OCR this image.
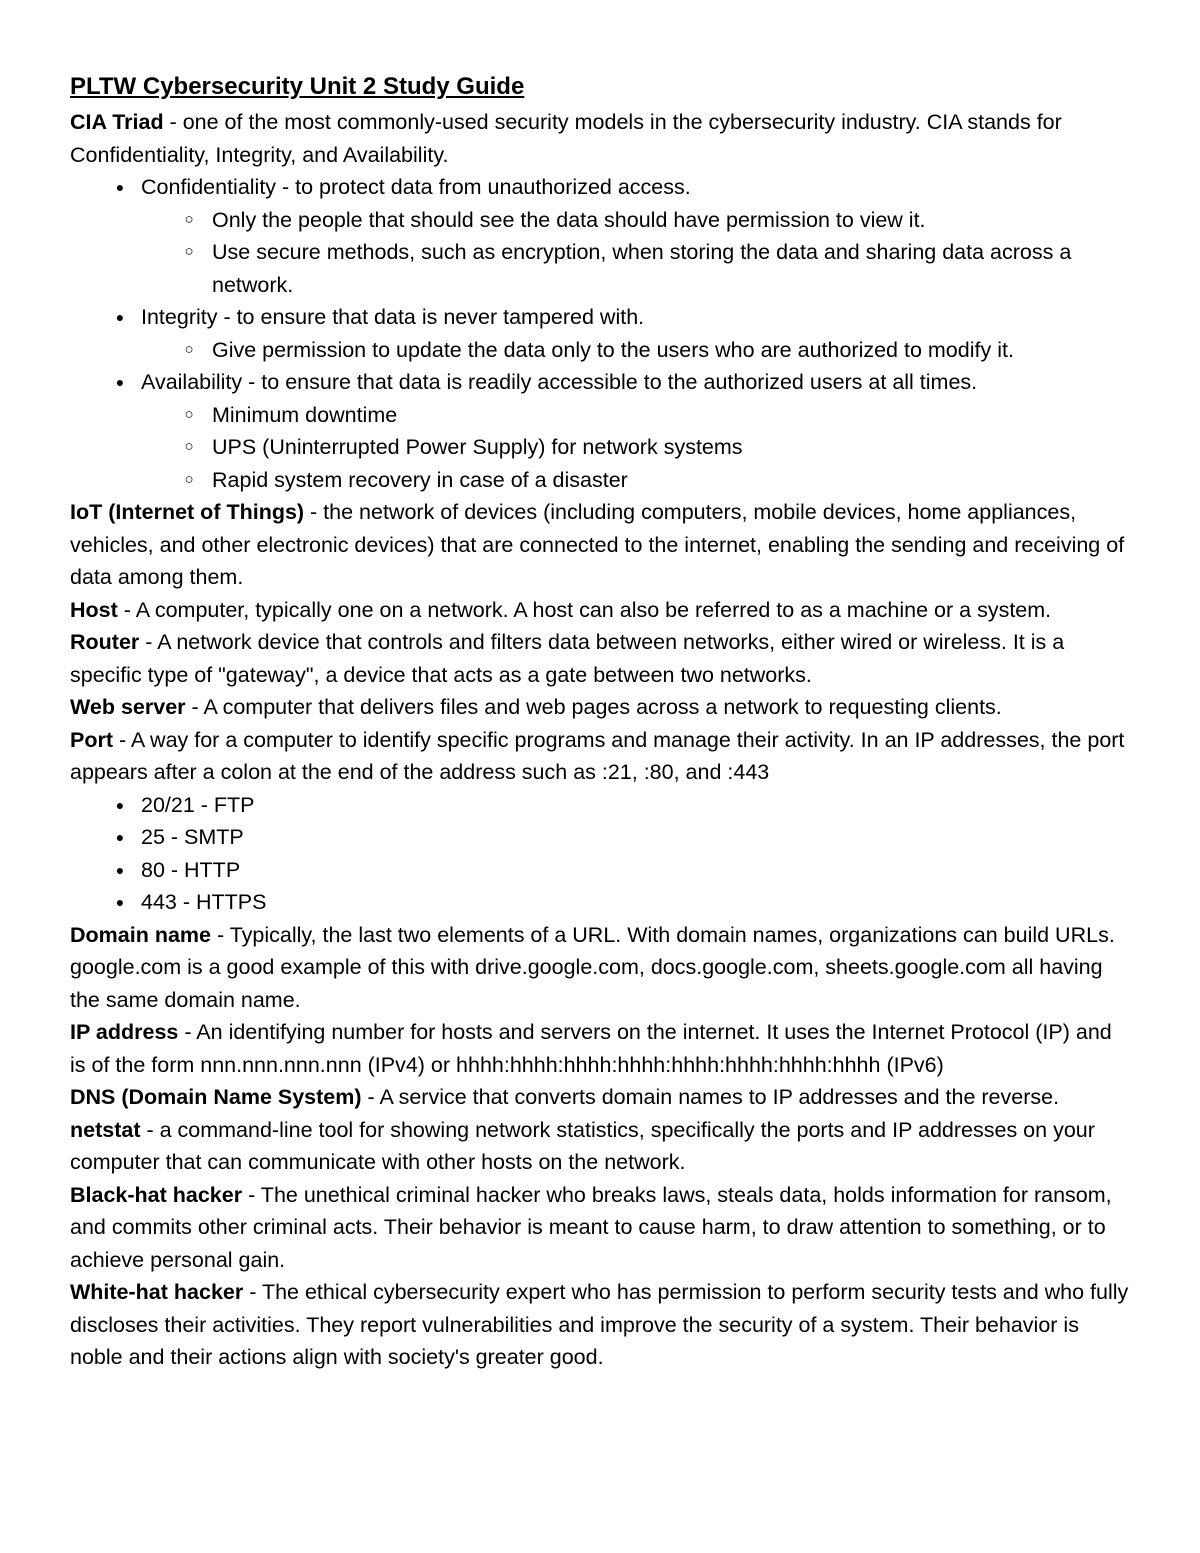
PLTW Cybersecurity Unit 2 Study Guide

CIA Triad - one of the most commonly-used security models in the cybersecurity industry. CIA stands for Confidentiality, Integrity, and Availability.

● Confidentiality - to protect data from unauthorized access.
○ Only the people that should see the data should have permission to view it.
○ Use secure methods, such as encryption, when storing the data and sharing data across a network.
● Integrity - to ensure that data is never tampered with.
○ Give permission to update the data only to the users who are authorized to modify it.
● Availability - to ensure that data is readily accessible to the authorized users at all times.
○ Minimum downtime
○ UPS (Uninterrupted Power Supply) for network systems
○ Rapid system recovery in case of a disaster

IoT (Internet of Things) - the network of devices (including computers, mobile devices, home appliances, vehicles, and other electronic devices) that are connected to the internet, enabling the sending and receiving of data among them.

Host - A computer, typically one on a network. A host can also be referred to as a machine or a system.

Router - A network device that controls and filters data between networks, either wired or wireless. It is a specific type of "gateway", a device that acts as a gate between two networks.

Web server - A computer that delivers files and web pages across a network to requesting clients.

Port - A way for a computer to identify specific programs and manage their activity. In an IP addresses, the port appears after a colon at the end of the address such as :21, :80, and :443

● 20/21 - FTP
● 25 - SMTP
● 80 - HTTP
● 443 - HTTPS

Domain name - Typically, the last two elements of a URL. With domain names, organizations can build URLs. google.com is a good example of this with drive.google.com, docs.google.com, sheets.google.com all having the same domain name.

IP address - An identifying number for hosts and servers on the internet. It uses the Internet Protocol (IP) and is of the form nnn.nnn.nnn.nnn (IPv4) or hhhh:hhhh:hhhh:hhhh:hhhh:hhhh:hhhh:hhhh (IPv6)

DNS (Domain Name System) - A service that converts domain names to IP addresses and the reverse.

netstat - a command-line tool for showing network statistics, specifically the ports and IP addresses on your computer that can communicate with other hosts on the network.

Black-hat hacker - The unethical criminal hacker who breaks laws, steals data, holds information for ransom, and commits other criminal acts. Their behavior is meant to cause harm, to draw attention to something, or to achieve personal gain.

White-hat hacker - The ethical cybersecurity expert who has permission to perform security tests and who fully discloses their activities. They report vulnerabilities and improve the security of a system. Their behavior is noble and their actions align with society's greater good.
